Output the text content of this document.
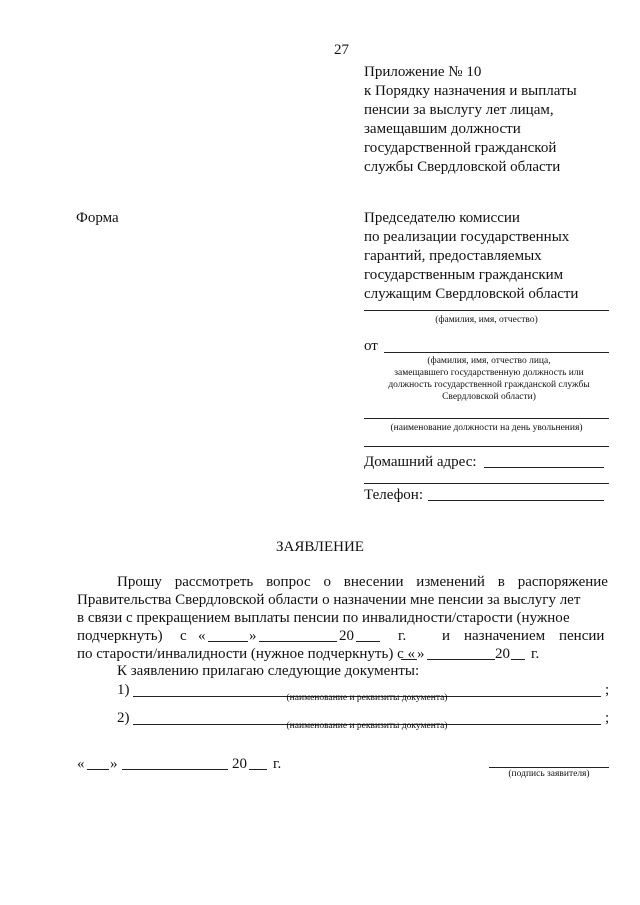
27
Приложение № 10
к Порядку назначения и выплаты
пенсии за выслугу лет лицам,
замещавшим должности
государственной гражданской
службы Свердловской области
Форма	Председателю комиссии
по реализации государственных
гарантий, предоставляемых
государственным гражданским
служащим Свердловской области
(фамилия, имя, отчество)
от
(фамилия, имя, отчество лица,
замещавшего государственную должность или
должность государственной гражданской службы
Свердловской области)
(наименование должности на день увольнения)
Домашний адрес:
Телефон:
ЗАЯВЛЕНИЕ
Прошу рассмотреть вопрос о внесении изменений в распоряжение
Правительства Свердловской области о назначении мне пенсии за выслугу лет
в связи с прекращением выплаты пенсии по инвалидности/старости (нужное
подчеркнуть) с «	»	20	г. и назначением пенсии
по старости/инвалидности (нужное подчеркнуть) с « »	20 г.
К заявлению прилагаю следующие документы:
1)	;
(наименование и реквизиты документа)
2)	;
(наименование и реквизиты документа)
« »	20 г.
(подпись заявителя)
